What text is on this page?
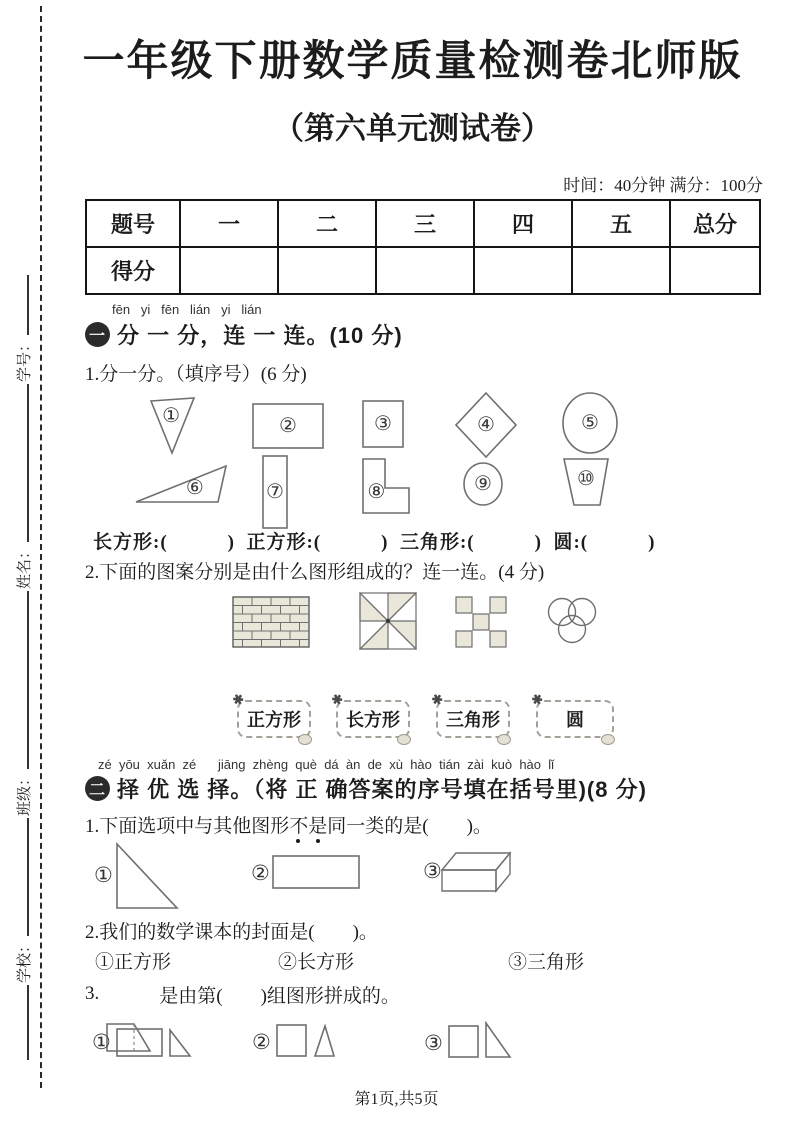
学校：
班级：
姓名：
学号：
一年级下册数学质量检测卷北师版
（第六单元测试卷）
时间：40分钟 满分：100分
题号	一	二	三	四	五	总分
得分						
fēn   yi   fēn   lián   yi   lián
一 分 一 分，连 一 连。(10 分)
1.分一分。（填序号）(6 分)
①	②	③	④	⑤
⑥	⑦	⑧	⑨	⑩
长方形:(　　　)  正方形:(　　　)  三角形:(　　　)  圆:(　　　)
2.下面的图案分别是由什么图形组成的？连一连。(4 分)
✱
正方形
✱
长方形
✱
三角形
✱
圆
zé  yōu  xuǎn  zé      jiāng  zhèng  què  dá  àn  de  xù  hào  tián  zài  kuò  hào  lǐ
二 择 优 选 择。（将 正 确答案的序号填在括号里)(8 分)
1.下面选项中与其他图形不是同一类的是(　　)。
①	②	③
2.我们的数学课本的封面是(　　)。
①正方形	②长方形	③三角形
3.

	是由第(　　)组图形拼成的。
①	②	③
第1页,共5页
